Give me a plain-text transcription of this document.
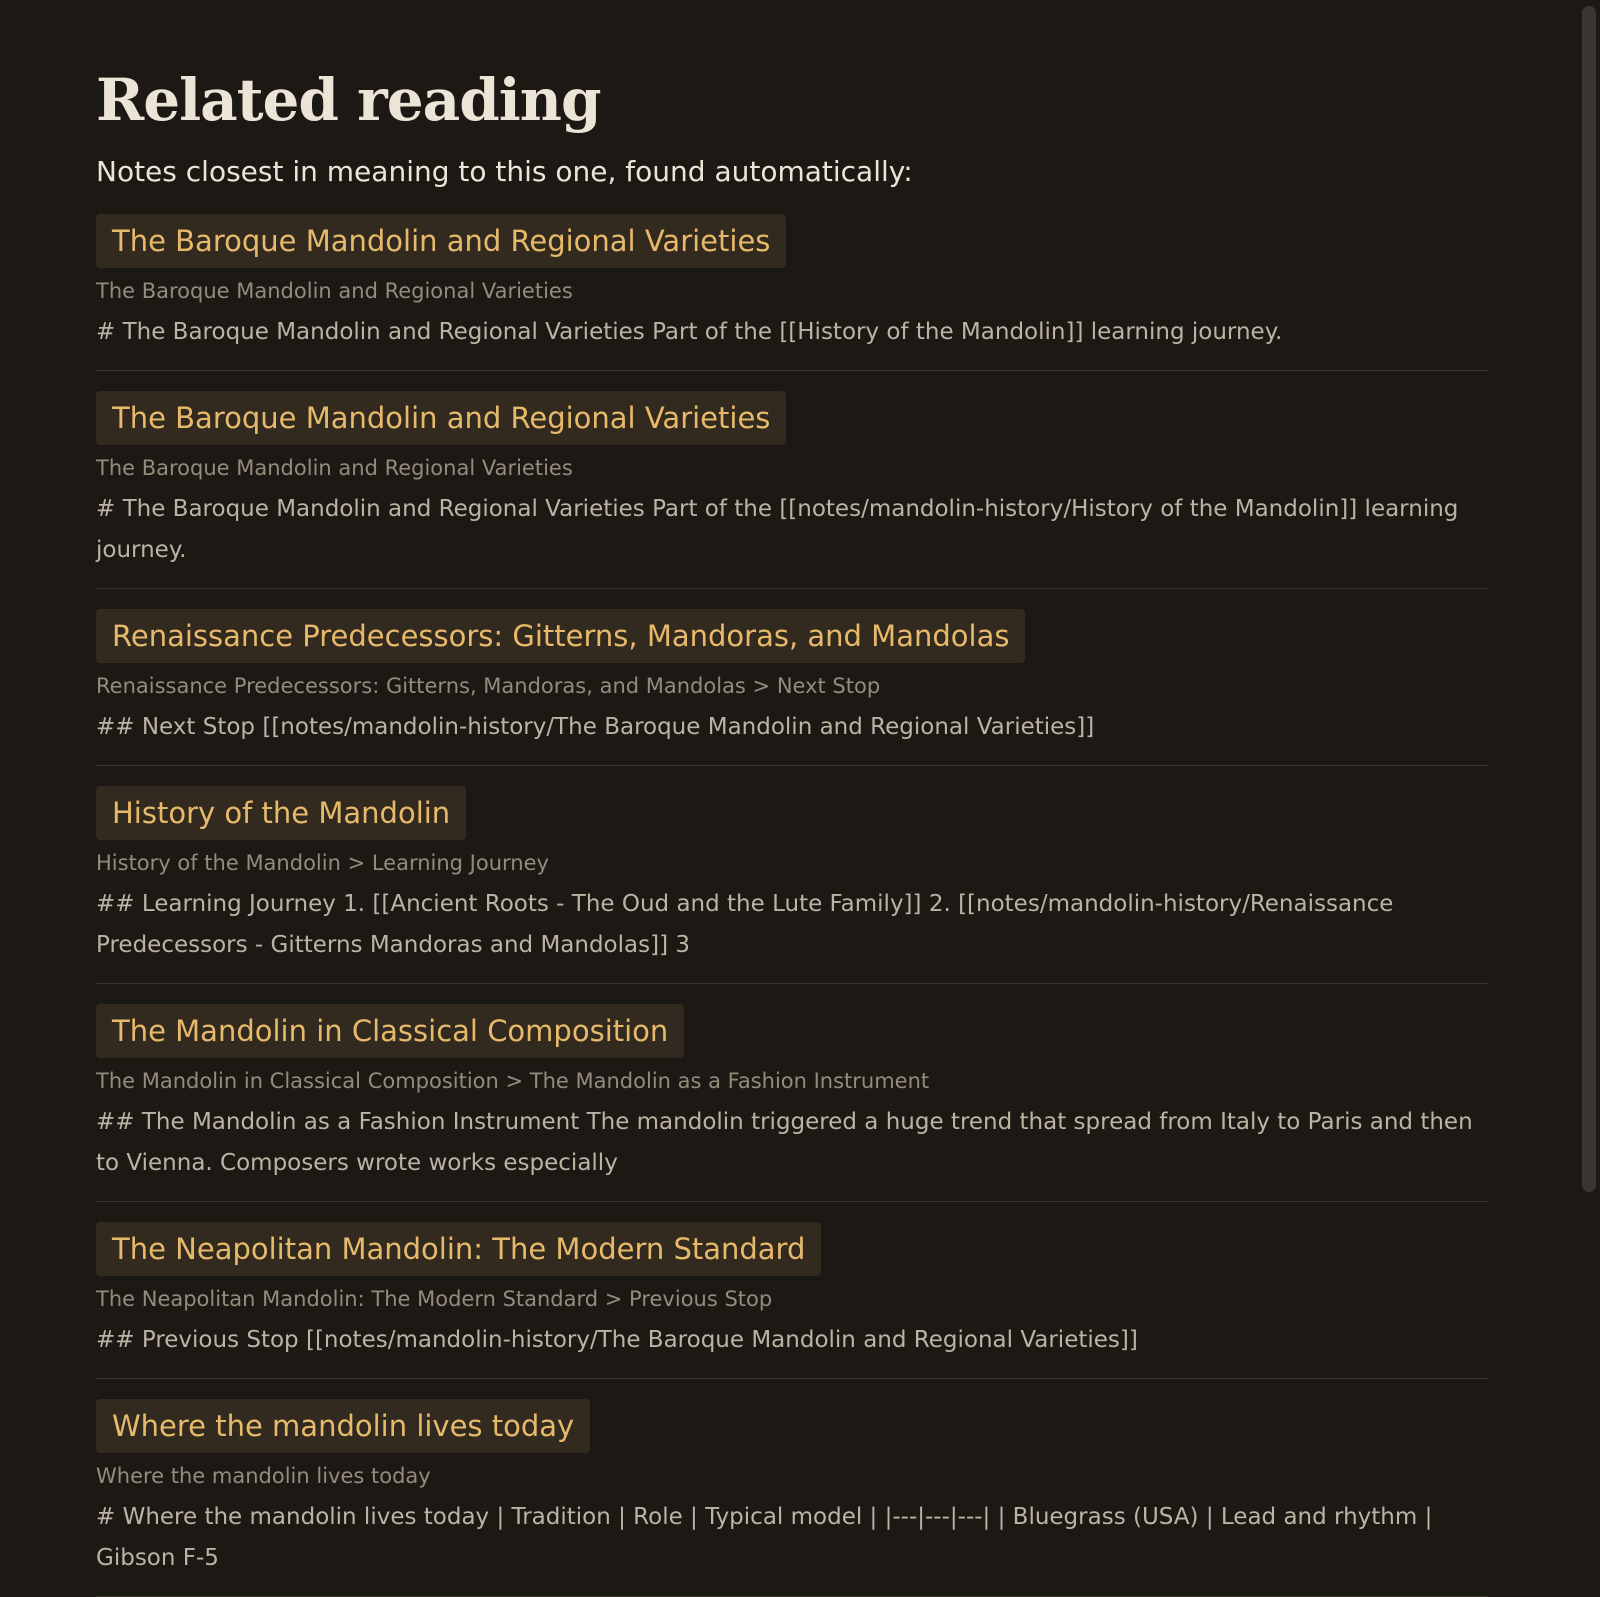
Related reading

Notes closest in meaning to this one, found automatically:

The Baroque Mandolin and Regional Varieties
The Baroque Mandolin and Regional Varieties
# The Baroque Mandolin and Regional Varieties Part of the [[History of the Mandolin]] learning journey.
The Baroque Mandolin and Regional Varieties
The Baroque Mandolin and Regional Varieties
# The Baroque Mandolin and Regional Varieties Part of the [[notes/mandolin-history/History of the Mandolin]] learning journey.
Renaissance Predecessors: Gitterns, Mandoras, and Mandolas
Renaissance Predecessors: Gitterns, Mandoras, and Mandolas > Next Stop
## Next Stop [[notes/mandolin-history/The Baroque Mandolin and Regional Varieties]]
History of the Mandolin
History of the Mandolin > Learning Journey
## Learning Journey 1. [[Ancient Roots - The Oud and the Lute Family]] 2. [[notes/mandolin-history/Renaissance Predecessors - Gitterns Mandoras and Mandolas]] 3
The Mandolin in Classical Composition
The Mandolin in Classical Composition > The Mandolin as a Fashion Instrument
## The Mandolin as a Fashion Instrument The mandolin triggered a huge trend that spread from Italy to Paris and then to Vienna. Composers wrote works especially
The Neapolitan Mandolin: The Modern Standard
The Neapolitan Mandolin: The Modern Standard > Previous Stop
## Previous Stop [[notes/mandolin-history/The Baroque Mandolin and Regional Varieties]]
Where the mandolin lives today
Where the mandolin lives today
# Where the mandolin lives today | Tradition | Role | Typical model | |---|---|---| | Bluegrass (USA) | Lead and rhythm | Gibson F-5
